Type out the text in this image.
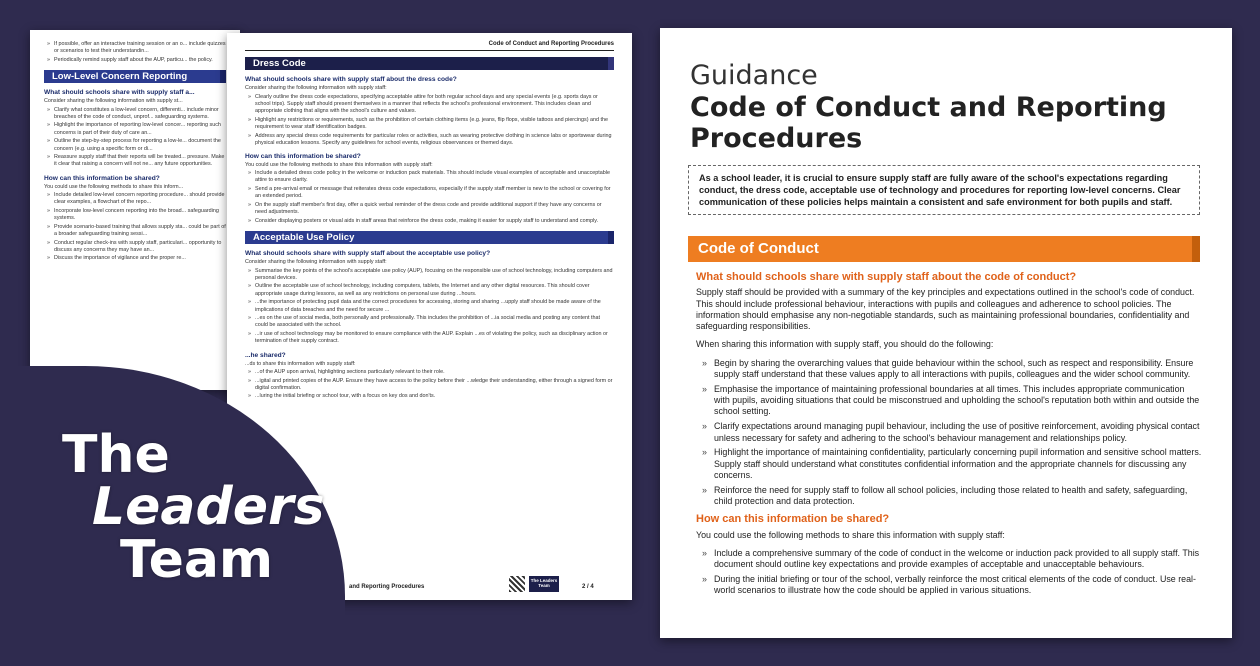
» If possible, offer an interactive training session or an o... include quizzes or scenarios to test their understandin...
» Periodically remind supply staff about the AUP, particu... the policy.
Low-Level Concern Reporting
What should schools share with supply staff a...
Consider sharing the following information with supply st...
» Clarify what constitutes a low-level concern, differenti... include minor breaches of the code of conduct, unprof... safeguarding systems.
» Highlight the importance of reporting low-level concer... reporting such concerns is part of their duty of care an...
» Outline the step-by-step process for reporting a low-le... document the concern (e.g. using a specific form or di...
» Reassure supply staff that their reports will be treated... pressure. Make it clear that raising a concern will not ne... any future opportunities.
How can this information be shared?
You could use the following methods to share this inform...
» Include detailed low-level concern reporting procedure... should provide clear examples, a flowchart of the repo...
» Incorporate low-level concern reporting into the broad... safeguarding systems.
» Provide scenario-based training that allows supply sta... could be part of a broader safeguarding training sessi...
» Conduct regular check-ins with supply staff, particulari... opportunity to discuss any concerns they may have an...
» Discuss the importance of vigilance and the proper re...
Code of Conduct and Reporting Procedures
Dress Code
What should schools share with supply staff about the dress code?
Consider sharing the following information with supply staff:
» Clearly outline the dress code expectations, specifying acceptable attire for both regular school days and any special events (e.g. sports days or school trips). Supply staff should present themselves in a manner that reflects the school's professional environment. This includes clean and appropriate clothing that aligns with the school's culture and values.
» Highlight any restrictions or requirements, such as the prohibition of certain clothing items (e.g. jeans, flip flops, visible tattoos and piercings) and the requirement to wear staff identification badges.
» Address any special dress code requirements for particular roles or activities, such as wearing protective clothing in science labs or sportswear during physical education lessons. Specify any guidelines for school events, religious observances or themed days.
How can this information be shared?
You could use the following methods to share this information with supply staff:
» Include a detailed dress code policy in the welcome or induction pack materials. This should include visual examples of acceptable and unacceptable attire to ensure clarity.
» Send a pre-arrival email or message that reiterates dress code expectations, especially if the supply staff member is new to the school or covering for an extended period.
» On the supply staff member's first day, offer a quick verbal reminder of the dress code and provide additional support if they have any concerns or need adjustments.
» Consider displaying posters or visual aids in staff areas that reinforce the dress code, making it easier for supply staff to understand and comply.
Acceptable Use Policy
What should schools share with supply staff about the acceptable use policy?
Consider sharing the following information with supply staff:
» Summarise the key points of the school's acceptable use policy (AUP), focusing on the responsible use of school technology, including computers and personal devices.
» Outline the acceptable use of school technology, including computers, tablets, the Internet and any other digital resources. This should cover appropriate usage during lessons, as well as any restrictions on personal use during ...hours.
» ...the importance of protecting pupil data and the correct procedures for accessing, storing and sharing ...upply staff should be made aware of the implications of data breaches and the need for secure ...
» ...es on the use of social media, both personally and professionally. This includes the prohibition of ...ia social media and posting any content that could be associated with the school.
» ...ir use of school technology may be monitored to ensure compliance with the AUP. Explain ...es of violating the policy, such as disciplinary action or termination of their supply contract.
...he shared?
...ds to share this information with supply staff:
» ...of the AUP upon arrival, highlighting sections particularly relevant to their role.
» ...igital and printed copies of the AUP. Ensure they have access to the policy before their ...wledge their understanding, either through a signed form or digital confirmation.
» ...luring the initial briefing or school tour, with a focus on key dos and don'ts.
and Reporting Procedures
The Leaders Team	2 / 4
The
Leaders
Team
Guidance
Code of Conduct and Reporting Procedures
As a school leader, it is crucial to ensure supply staff are fully aware of the school's expectations regarding conduct, the dress code, acceptable use of technology and procedures for reporting low-level concerns. Clear communication of these policies helps maintain a consistent and safe environment for both pupils and staff.
Code of Conduct
What should schools share with supply staff about the code of conduct?

Supply staff should be provided with a summary of the key principles and expectations outlined in the school's code of conduct. This should include professional behaviour, interactions with pupils and colleagues and adherence to school policies. The information should emphasise any non-negotiable standards, such as maintaining professional boundaries, confidentiality and safeguarding responsibilities.

When sharing this information with supply staff, you should do the following:

» Begin by sharing the overarching values that guide behaviour within the school, such as respect and responsibility. Ensure supply staff understand that these values apply to all interactions with pupils, colleagues and the wider school community.
» Emphasise the importance of maintaining professional boundaries at all times. This includes appropriate communication with pupils, avoiding situations that could be misconstrued and upholding the school's reputation both within and outside the school setting.
» Clarify expectations around managing pupil behaviour, including the use of positive reinforcement, avoiding physical contact unless necessary for safety and adhering to the school's behaviour management and relationships policy.
» Highlight the importance of maintaining confidentiality, particularly concerning pupil information and sensitive school matters. Supply staff should understand what constitutes confidential information and the appropriate channels for discussing any concerns.
» Reinforce the need for supply staff to follow all school policies, including those related to health and safety, safeguarding, child protection and data protection.
How can this information be shared?

You could use the following methods to share this information with supply staff:

» Include a comprehensive summary of the code of conduct in the welcome or induction pack provided to all supply staff. This document should outline key expectations and provide examples of acceptable and unacceptable behaviours.
» During the initial briefing or tour of the school, verbally reinforce the most critical elements of the code of conduct. Use real-world scenarios to illustrate how the code should be applied in various situations.
